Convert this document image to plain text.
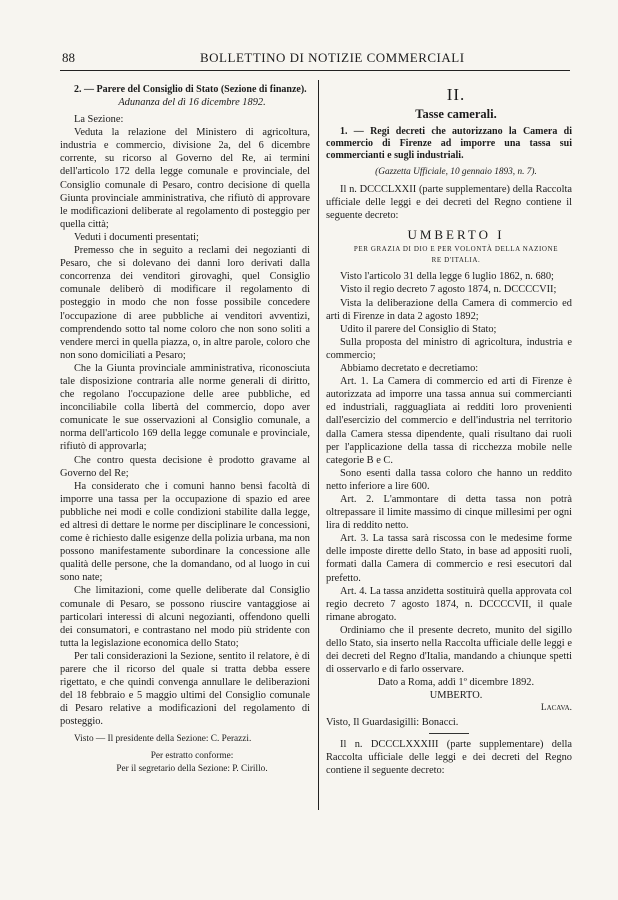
88	BOLLETTINO DI NOTIZIE COMMERCIALI

2. — Parere del Consiglio di Stato (Sezione di finanze).

Adunanza del dì 16 dicembre 1892.

La Sezione:

Veduta la relazione del Ministero di agricoltura, industria e commercio, divisione 2a, del 6 dicembre corrente, su ricorso al Governo del Re, ai termini dell'articolo 172 della legge comunale e provinciale, del Consiglio comunale di Pesaro, contro decisione di quella Giunta provinciale amministrativa, che rifiutò di approvare le modificazioni deliberate al regolamento di posteggio per quella città;

Veduti i documenti presentati;

Premesso che in seguito a reclami dei negozianti di Pesaro, che si dolevano dei danni loro derivati dalla concorrenza dei venditori girovaghi, quel Consiglio comunale deliberò di modificare il regolamento di posteggio in modo che non fosse possibile concedere l'occupazione di aree pubbliche ai venditori avventizi, comprendendo sotto tal nome coloro che non sono soliti a vendere merci in quella piazza, o, in altre parole, coloro che non sono domiciliati a Pesaro;

Che la Giunta provinciale amministrativa, riconosciuta tale disposizione contraria alle norme generali di diritto, che regolano l'occupazione delle aree pubbliche, ed inconciliabile colla libertà del commercio, dopo aver comunicate le sue osservazioni al Consiglio comunale, a norma dell'articolo 169 della legge comunale e provinciale, rifiutò di approvarla;

Che contro questa decisione è prodotto gravame al Governo del Re;

Ha considerato che i comuni hanno bensì facoltà di imporre una tassa per la occupazione di spazio ed aree pubbliche nei modi e colle condizioni stabilite dalla legge, ed altresì di dettare le norme per disciplinare le concessioni, come è richiesto dalle esigenze della polizia urbana, ma non possono manifestamente subordinare la concessione alle qualità delle persone, che la domandano, od al luogo in cui sono nate;

Che limitazioni, come quelle deliberate dal Consiglio comunale di Pesaro, se possono riuscire vantaggiose ai particolari interessi di alcuni negozianti, offendono quelli dei consumatori, e contrastano nel modo più stridente con tutta la legislazione economica dello Stato;

Per tali considerazioni la Sezione, sentito il relatore, è di parere che il ricorso del quale si tratta debba essere rigettato, e che quindi convenga annullare le deliberazioni del 18 febbraio e 5 maggio ultimi del Consiglio comunale di Pesaro relative a modificazioni del regolamento di posteggio.

Visto — Il presidente della Sezione: C. Perazzi.

Per estratto conforme:

Per il segretario della Sezione: P. Cirillo.

II.

Tasse camerali.

1. — Regi decreti che autorizzano la Camera di commercio di Firenze ad imporre una tassa sui commercianti e sugli industriali.

(Gazzetta Ufficiale, 10 gennaio 1893, n. 7).

Il n. DCCCLXXII (parte supplementare) della Raccolta ufficiale delle leggi e dei decreti del Regno contiene il seguente decreto:

UMBERTO I

PER GRAZIA DI DIO E PER VOLONTÀ DELLA NAZIONE

RE D'ITALIA.

Visto l'articolo 31 della legge 6 luglio 1862, n. 680;

Visto il regio decreto 7 agosto 1874, n. DCCCCVII;

Vista la deliberazione della Camera di commercio ed arti di Firenze in data 2 agosto 1892;

Udito il parere del Consiglio di Stato;

Sulla proposta del ministro di agricoltura, industria e commercio;

Abbiamo decretato e decretiamo:

Art. 1. La Camera di commercio ed arti di Firenze è autorizzata ad imporre una tassa annua sui commercianti ed industriali, ragguagliata ai redditi loro provenienti dall'esercizio del commercio e dell'industria nel territorio dalla Camera stessa dipendente, quali risultano dai ruoli per l'applicazione della tassa di ricchezza mobile nelle categorie B e C.

Sono esenti dalla tassa coloro che hanno un reddito netto inferiore a lire 600.

Art. 2. L'ammontare di detta tassa non potrà oltrepassare il limite massimo di cinque millesimi per ogni lira di reddito netto.

Art. 3. La tassa sarà riscossa con le medesime forme delle imposte dirette dello Stato, in base ad appositi ruoli, formati dalla Camera di commercio e resi esecutori dal prefetto.

Art. 4. La tassa anzidetta sostituirà quella approvata col regio decreto 7 agosto 1874, n. DCCCCVII, il quale rimane abrogato.

Ordiniamo che il presente decreto, munito del sigillo dello Stato, sia inserto nella Raccolta ufficiale delle leggi e dei decreti del Regno d'Italia, mandando a chiunque spetti di osservarlo e di farlo osservare.

Dato a Roma, addì 1º dicembre 1892.

UMBERTO.

Lacava.

Visto, Il Guardasigilli: Bonacci.

Il n. DCCCLXXXIII (parte supplementare) della Raccolta ufficiale delle leggi e dei decreti del Regno contiene il seguente decreto:
